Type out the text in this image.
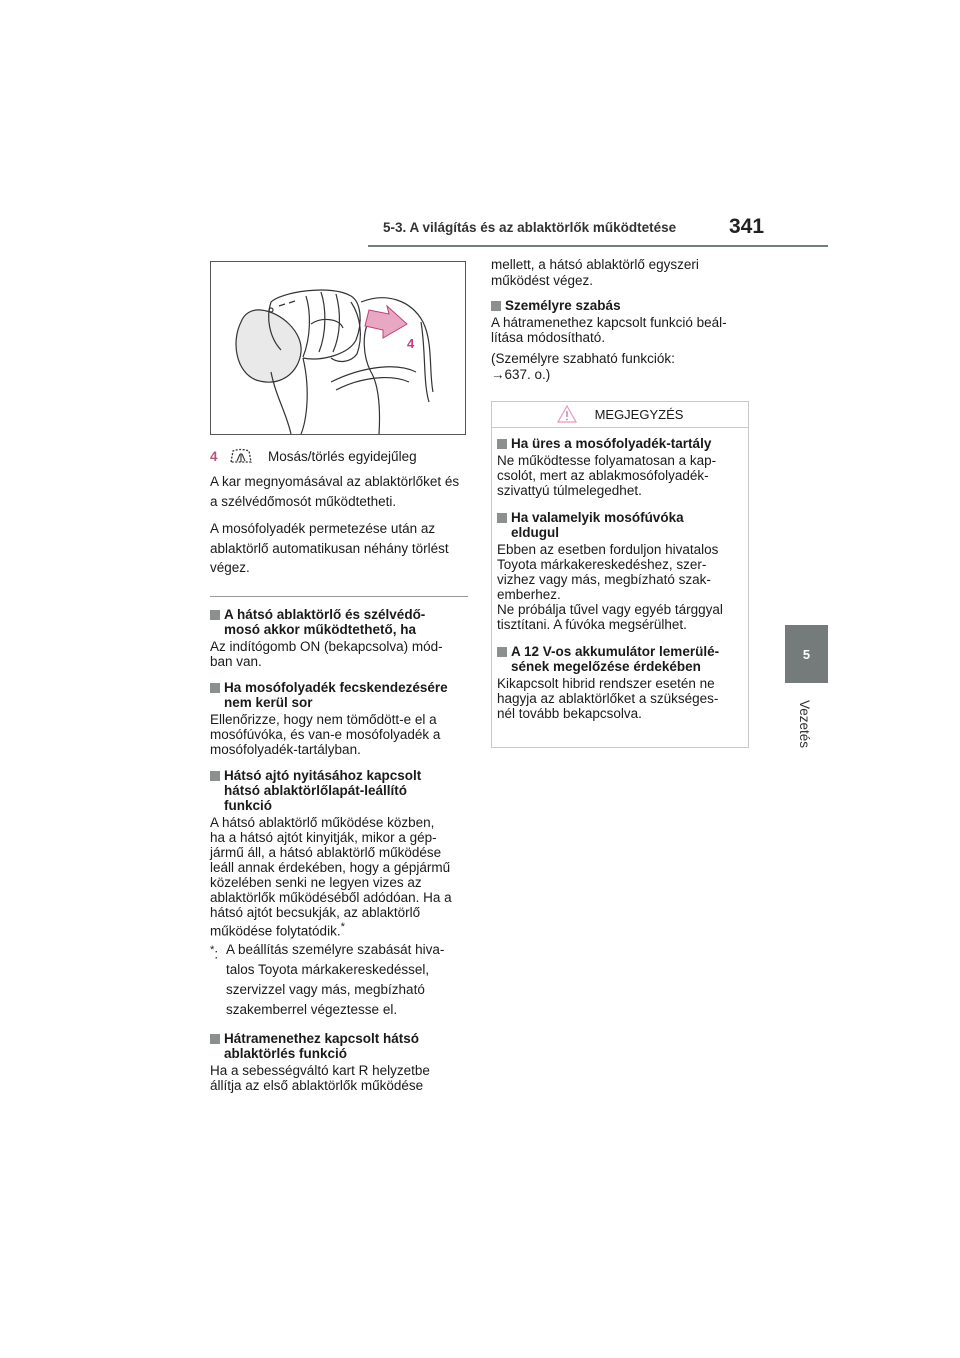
5-3. A világítás és az ablaktörlők működtetése	341
5
Vezetés
4
4	Mosás/törlés egyidejűleg

A kar megnyomásával az ablaktörlőket és a szélvédőmosót működtetheti.

A mosófolyadék permetezése után az ablaktörlő automatikusan néhány törlést végez.

A hátsó ablaktörlő és szélvédő-
mosó akkor működtethető, ha

Az indítógomb ON (bekapcsolva) mód-
ban van.

Ha mosófolyadék fecskendezésére
nem kerül sor

Ellenőrizze, hogy nem tömődött-e el a
mosófúvóka, és van-e mosófolyadék a
mosófolyadék-tartályban.

Hátsó ajtó nyitásához kapcsolt
hátsó ablaktörlőlapát-leállító
funkció

A hátsó ablaktörlő működése közben,
ha a hátsó ajtót kinyitják, mikor a gép-
jármű áll, a hátsó ablaktörlő működése
leáll annak érdekében, hogy a gépjármű
közelében senki ne legyen vizes az
ablaktörlők működéséből adódóan. Ha a
hátsó ajtót becsukják, az ablaktörlő
működése folytatódik.*

*: A beállítás személyre szabását hiva-
talos Toyota márkakereskedéssel,
szervizzel vagy más, megbízható
szakemberrel végeztesse el.
Hátramenethez kapcsolt hátsó
ablaktörlés funkció

Ha a sebességváltó kart R helyzetbe
állítja az első ablaktörlők működése

mellett, a hátsó ablaktörlő egyszeri
működést végez.

Személyre szabás

A hátramenethez kapcsolt funkció beál-
lítása módosítható.

(Személyre szabható funkciók:

→637. o.)

MEGJEGYZÉS
Ha üres a mosófolyadék-tartály

Ne működtesse folyamatosan a kap-
csolót, mert az ablakmosófolyadék-
szivattyú túlmelegedhet.

Ha valamelyik mosófúvóka
eldugul

Ebben az esetben forduljon hivatalos
Toyota márkakereskedéshez, szer-
vizhez vagy más, megbízható szak-
emberhez.
Ne próbálja tűvel vagy egyéb tárggyal
tisztítani. A fúvóka megsérülhet.

A 12 V-os akkumulátor lemerülé-
sének megelőzése érdekében

Kikapcsolt hibrid rendszer esetén ne
hagyja az ablaktörlőket a szükséges-
nél tovább bekapcsolva.
